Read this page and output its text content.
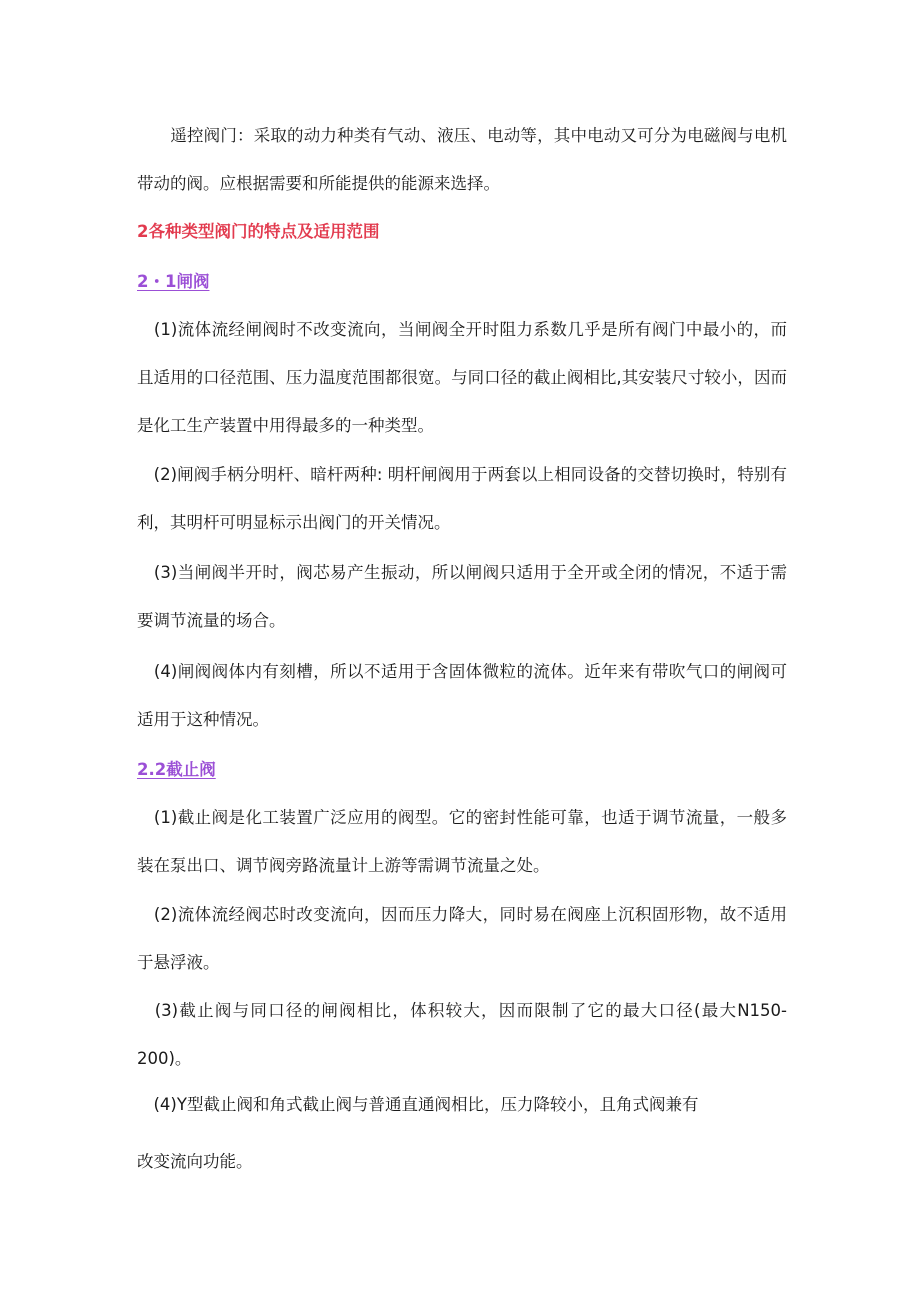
　　遥控阀门：采取的动力种类有气动、液压、电动等，其中电动又可分为电磁阀与电机带动的阀。应根据需要和所能提供的能源来选择。

2各种类型阀门的特点及适用范围
2・1闸阀

　(1)流体流经闸阀时不改变流向，当闸阀全开时阻力系数几乎是所有阀门中最小的，而且适用的口径范围、压力温度范围都很宽。与同口径的截止阀相比,其安装尺寸较小，因而是化工生产装置中用得最多的一种类型。

　(2)闸阀手柄分明杆、暗杆两种: 明杆闸阀用于两套以上相同设备的交替切换时，特别有利，其明杆可明显标示出阀门的开关情况。

　(3)当闸阀半开时，阀芯易产生振动，所以闸阀只适用于全开或全闭的情况，不适于需要调节流量的场合。

　(4)闸阀阀体内有刻槽，所以不适用于含固体微粒的流体。近年来有带吹气口的闸阀可适用于这种情况。

2.2截止阀

　(1)截止阀是化工装置广泛应用的阀型。它的密封性能可靠，也适于调节流量，一般多装在泵出口、调节阀旁路流量计上游等需调节流量之处。

　(2)流体流经阀芯时改变流向，因而压力降大，同时易在阀座上沉积固形物，故不适用于悬浮液。

　(3)截止阀与同口径的闸阀相比，体积较大，因而限制了它的最大口径(最大N150-200)。

　(4)Y型截止阀和角式截止阀与普通直通阀相比，压力降较小，且角式阀兼有

改变流向功能。
